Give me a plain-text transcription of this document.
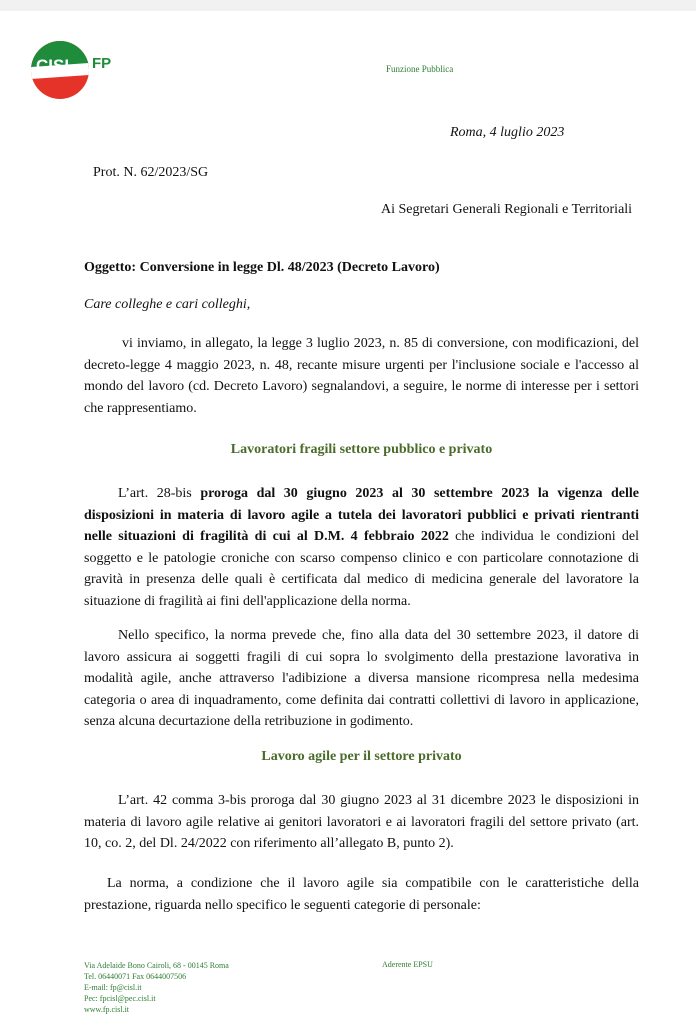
CISL FP	Funzione Pubblica
Roma, 4 luglio 2023
Prot. N. 62/2023/SG
Ai Segretari Generali Regionali e Territoriali
Oggetto: Conversione in legge Dl. 48/2023 (Decreto Lavoro)
Care colleghe e cari colleghi,
vi inviamo, in allegato, la legge 3 luglio 2023, n. 85 di conversione, con modificazioni, del decreto-legge 4 maggio 2023, n. 48, recante misure urgenti per l'inclusione sociale e l'accesso al mondo del lavoro (cd. Decreto Lavoro) segnalandovi, a seguire, le norme di interesse per i settori che rappresentiamo.
Lavoratori fragili settore pubblico e privato
L’art. 28-bis proroga dal 30 giugno 2023 al 30 settembre 2023 la vigenza delle disposizioni in materia di lavoro agile a tutela dei lavoratori pubblici e privati rientranti nelle situazioni di fragilità di cui al D.M. 4 febbraio 2022 che individua le condizioni del soggetto e le patologie croniche con scarso compenso clinico e con particolare connotazione di gravità in presenza delle quali è certificata dal medico di medicina generale del lavoratore la situazione di fragilità ai fini dell'applicazione della norma.
Nello specifico, la norma prevede che, fino alla data del 30 settembre 2023, il datore di lavoro assicura ai soggetti fragili di cui sopra lo svolgimento della prestazione lavorativa in modalità agile, anche attraverso l'adibizione a diversa mansione ricompresa nella medesima categoria o area di inquadramento, come definita dai contratti collettivi di lavoro in applicazione, senza alcuna decurtazione della retribuzione in godimento.
Lavoro agile per il settore privato
L’art. 42 comma 3-bis proroga dal 30 giugno 2023 al 31 dicembre 2023 le disposizioni in materia di lavoro agile relative ai genitori lavoratori e ai lavoratori fragili del settore privato (art. 10, co. 2, del Dl. 24/2022 con riferimento all’allegato B, punto 2).
La norma, a condizione che il lavoro agile sia compatibile con le caratteristiche della prestazione, riguarda nello specifico le seguenti categorie di personale:
Via Adelaide Bono Cairoli, 68 - 00145 Roma
Tel. 06440071 Fax 0644007506
E-mail: fp@cisl.it
Pec: fpcisl@pec.cisl.it
www.fp.cisl.it
Aderente EPSU
